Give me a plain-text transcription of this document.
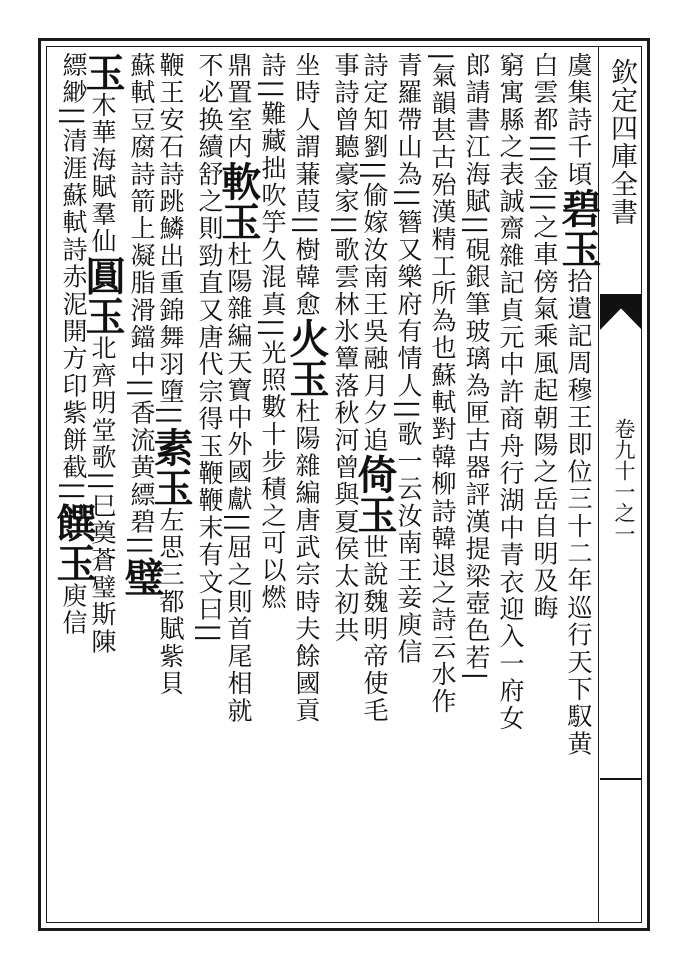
欽定四庫全書
卷九十一之一
虞集詩千頃碧玉拾遺記周穆王即位三十二年巡行天下馭黄
白雲都|||金||之車傍氣乘風起朝陽之岳自明及晦
窮寓縣之表誠齋雜記貞元中許商舟行湖中青衣迎入一府女
郎請書江海賦||硯銀筆玻璃為匣古器評漢提梁壺色若|
|氣韻甚古殆漢精工所為也蘇軾對韓柳詩韓退之詩云水作
青羅帶山為||簪又樂府有情人||歌一云汝南王妾庾信
詩定知劉||偷嫁汝南王吳融月夕追倚玉世說魏明帝使毛
事詩曾聽豪家||歌雲林氷簟落秋河曾與夏侯太初共
坐時人謂蒹葭||樹韓愈火玉杜陽雜編唐武宗時夫餘國貢
詩||難藏拙吹竽久混真||光照數十步積之可以燃
鼎置室内軟玉杜陽雜編天寶中外國獻||屈之則首尾相就
不必换續舒之則勁直又唐代宗得玉鞭鞭末有文曰||
鞭王安石詩跳鱗出重錦舞羽墮||素玉左思三都賦紫貝
蘇軾豆腐詩箭上凝脂滑鐺中||香流黄縹碧||璧
玉木華海賦羣仙圓玉北齊明堂歌||巳奠蒼璧斯陳
縹緲||清涯蘇軾詩赤泥開方印紫餅截||饌玉庾信
